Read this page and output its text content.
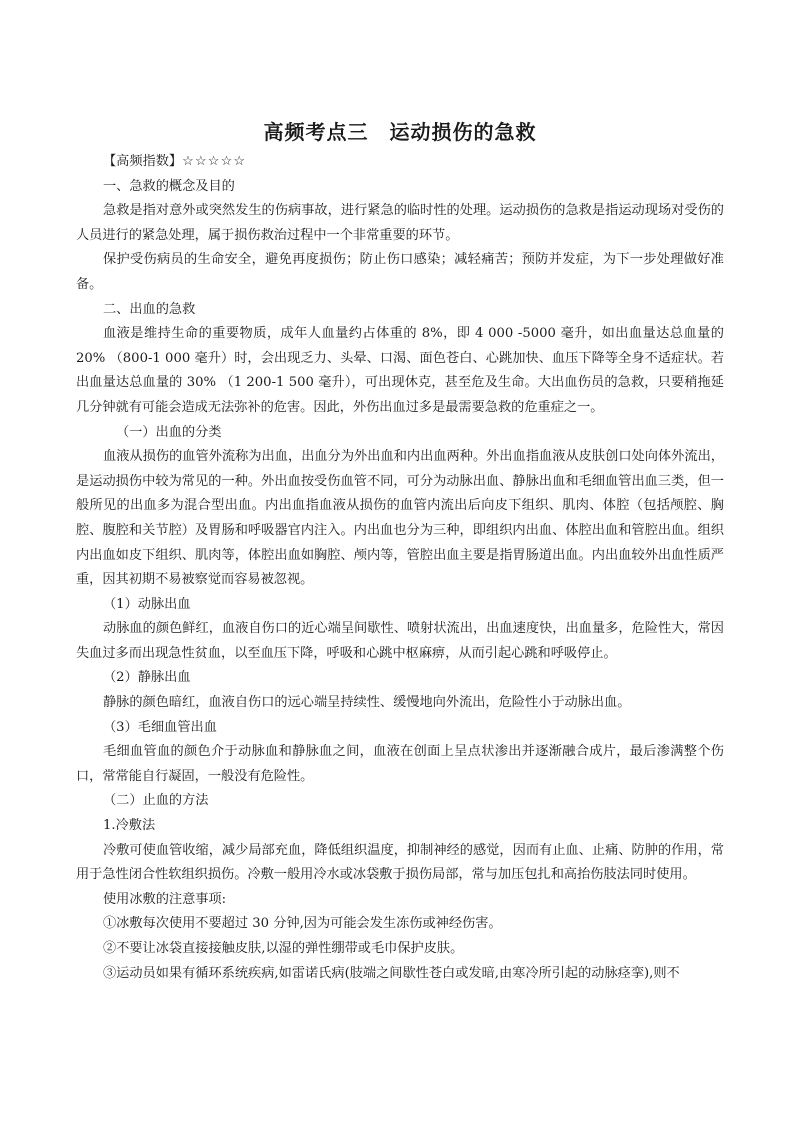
高频考点三　运动损伤的急救

【高频指数】☆☆☆☆☆

一、急救的概念及目的

急救是指对意外或突然发生的伤病事故，进行紧急的临时性的处理。运动损伤的急救是指运动现场对受伤的人员进行的紧急处理，属于损伤救治过程中一个非常重要的环节。

保护受伤病员的生命安全，避免再度损伤；防止伤口感染；减轻痛苦；预防并发症，为下一步处理做好准备。

二、出血的急救

血液是维持生命的重要物质，成年人血量约占体重的 8%，即 4 000 -5000 毫升，如出血量达总血量的 20% （800-1 000 毫升）时，会出现乏力、头晕、口渴、面色苍白、心跳加快、血压下降等全身不适症状。若出血量达总血量的 30% （1 200-1 500 毫升），可出现休克，甚至危及生命。大出血伤员的急救，只要稍拖延几分钟就有可能会造成无法弥补的危害。因此，外伤出血过多是最需要急救的危重症之一。

（一）出血的分类

血液从损伤的血管外流称为出血，出血分为外出血和内出血两种。外出血指血液从皮肤创口处向体外流出，是运动损伤中较为常见的一种。外出血按受伤血管不同，可分为动脉出血、静脉出血和毛细血管出血三类，但一般所见的出血多为混合型出血。内出血指血液从损伤的血管内流出后向皮下组织、肌肉、体腔（包括颅腔、胸腔、腹腔和关节腔）及胃肠和呼吸器官内注入。内出血也分为三种，即组织内出血、体腔出血和管腔出血。组织内出血如皮下组织、肌肉等，体腔出血如胸腔、颅内等，管腔出血主要是指胃肠道出血。内出血较外出血性质严重，因其初期不易被察觉而容易被忽视。

（1）动脉出血

动脉血的颜色鲜红，血液自伤口的近心端呈间歇性、喷射状流出，出血速度快，出血量多，危险性大，常因失血过多而出现急性贫血，以至血压下降，呼吸和心跳中枢麻痹，从而引起心跳和呼吸停止。

（2）静脉出血

静脉的颜色暗红，血液自伤口的远心端呈持续性、缓慢地向外流出，危险性小于动脉出血。

（3）毛细血管出血

毛细血管血的颜色介于动脉血和静脉血之间，血液在创面上呈点状渗出并逐渐融合成片，最后渗满整个伤口，常常能自行凝固，一般没有危险性。

（二）止血的方法

1.冷敷法

冷敷可使血管收缩，减少局部充血，降低组织温度，抑制神经的感觉，因而有止血、止痛、防肿的作用，常用于急性闭合性软组织损伤。冷敷一般用冷水或冰袋敷于损伤局部，常与加压包扎和高抬伤肢法同时使用。

使用冰敷的注意事项:

①冰敷每次使用不要超过 30 分钟,因为可能会发生冻伤或神经伤害。

②不要让冰袋直接接触皮肤,以湿的弹性绷带或毛巾保护皮肤。

③运动员如果有循环系统疾病,如雷诺氏病(肢端之间歇性苍白或发暗,由寒冷所引起的动脉痉挛),则不
